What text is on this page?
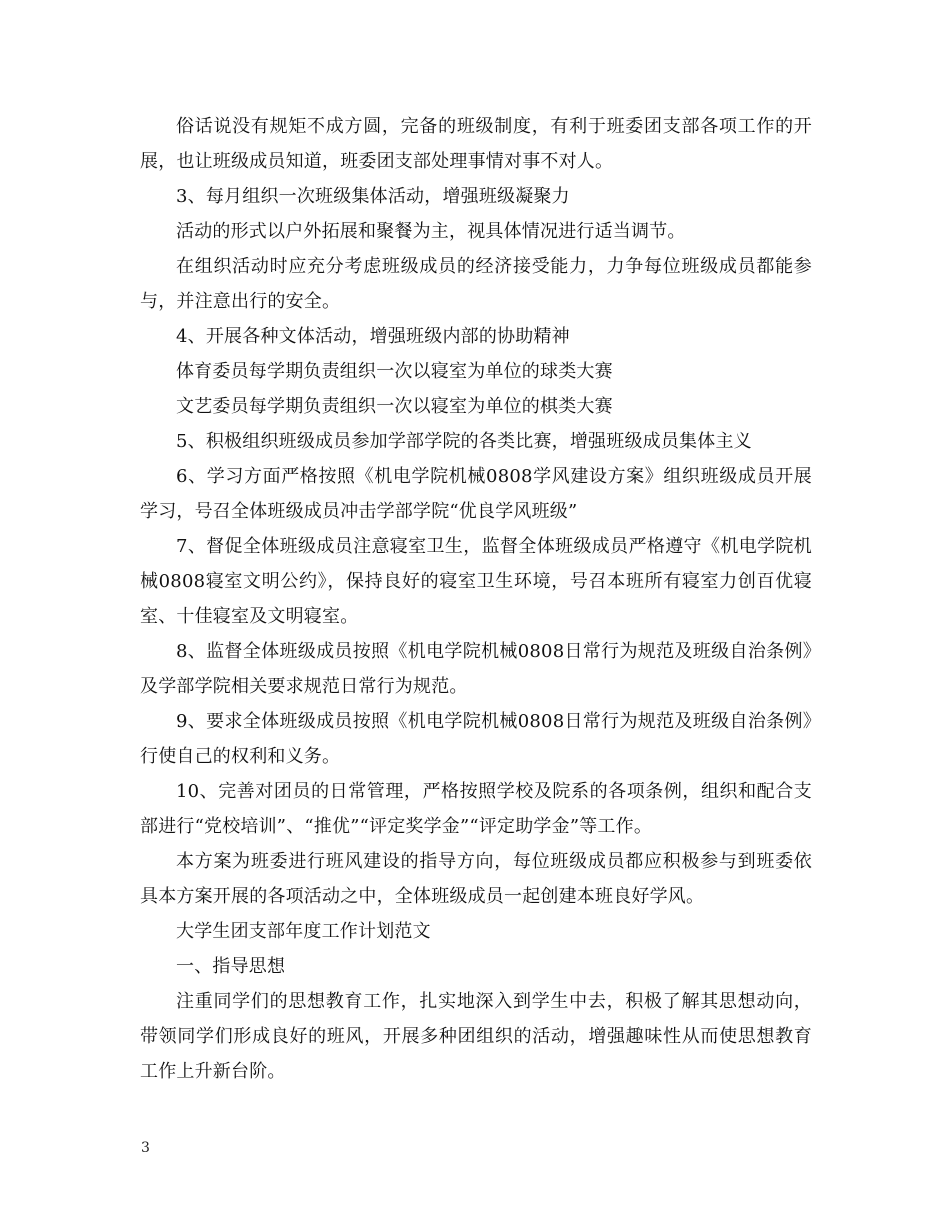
俗话说没有规矩不成方圆，完备的班级制度，有利于班委团支部各项工作的开展，也让班级成员知道，班委团支部处理事情对事不对人。

3、每月组织一次班级集体活动，增强班级凝聚力

活动的形式以户外拓展和聚餐为主，视具体情况进行适当调节。

在组织活动时应充分考虑班级成员的经济接受能力，力争每位班级成员都能参与，并注意出行的安全。

4、开展各种文体活动，增强班级内部的协助精神

体育委员每学期负责组织一次以寝室为单位的球类大赛

文艺委员每学期负责组织一次以寝室为单位的棋类大赛

5、积极组织班级成员参加学部学院的各类比赛，增强班级成员集体主义

6、学习方面严格按照《机电学院机械0808学风建设方案》组织班级成员开展学习，号召全体班级成员冲击学部学院“优良学风班级”

7、督促全体班级成员注意寝室卫生，监督全体班级成员严格遵守《机电学院机械0808寝室文明公约》，保持良好的寝室卫生环境，号召本班所有寝室力创百优寝室、十佳寝室及文明寝室。

8、监督全体班级成员按照《机电学院机械0808日常行为规范及班级自治条例》及学部学院相关要求规范日常行为规范。

9、要求全体班级成员按照《机电学院机械0808日常行为规范及班级自治条例》行使自己的权利和义务。

10、完善对团员的日常管理，严格按照学校及院系的各项条例，组织和配合支部进行“党校培训”、“推优”“评定奖学金”“评定助学金”等工作。

本方案为班委进行班风建设的指导方向，每位班级成员都应积极参与到班委依具本方案开展的各项活动之中，全体班级成员一起创建本班良好学风。

大学生团支部年度工作计划范文

一、指导思想

注重同学们的思想教育工作，扎实地深入到学生中去，积极了解其思想动向，带领同学们形成良好的班风，开展多种团组织的活动，增强趣味性从而使思想教育工作上升新台阶。

3
